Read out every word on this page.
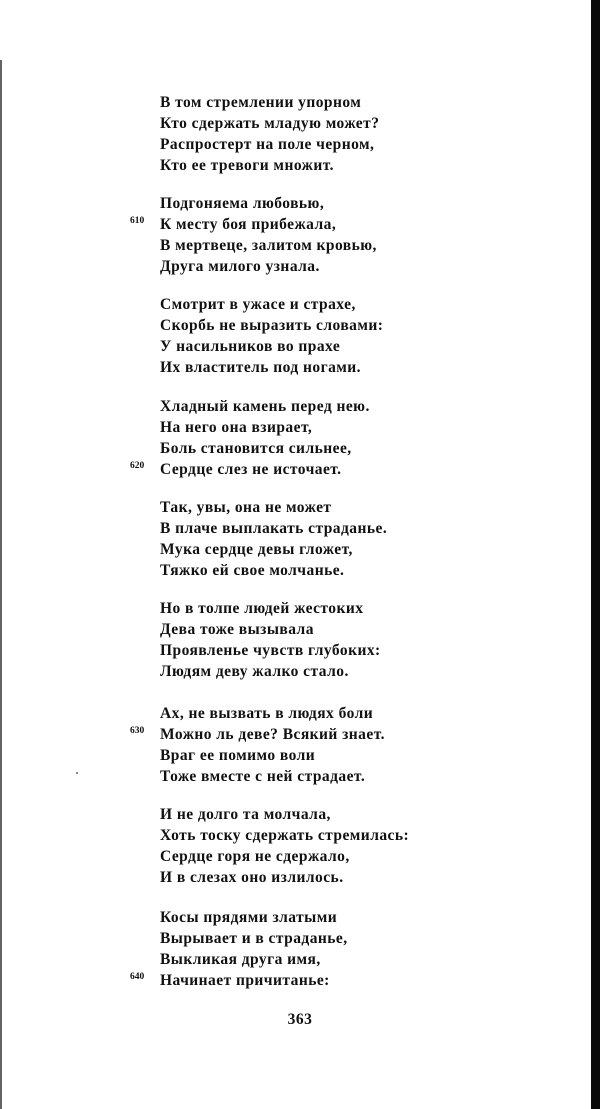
В том стремлении упорном
Кто сдержать младую может?
Распростерт на поле черном,
Кто ее тревоги множит.
Подгоняема любовью,
К месту боя прибежала,
610
В мертвеце, залитом кровью,
Друга милого узнала.
Смотрит в ужасе и страхе,
Скорбь не выразить словами:
У насильников во прахе
Их властитель под ногами.
Хладный камень перед нею.
На него она взирает,
Боль становится сильнее,
Сердце слез не источает.
620
Так, увы, она не может
В плаче выплакать страданье.
Мука сердце девы гложет,
Тяжко ей свое молчанье.
Но в толпе людей жестоких
Дева тоже вызывала
Проявленье чувств глубоких:
Людям деву жалко стало.
Ах, не вызвать в людях боли
Можно ль деве? Всякий знает.
630
Враг ее помимо воли
Тоже вместе с ней страдает.
И не долго та молчала,
Хоть тоску сдержать стремилась:
Сердце горя не сдержало,
И в слезах оно излилось.
Косы прядями златыми
Вырывает и в страданье,
Выкликая друга имя,
Начинает причитанье:
640
363
